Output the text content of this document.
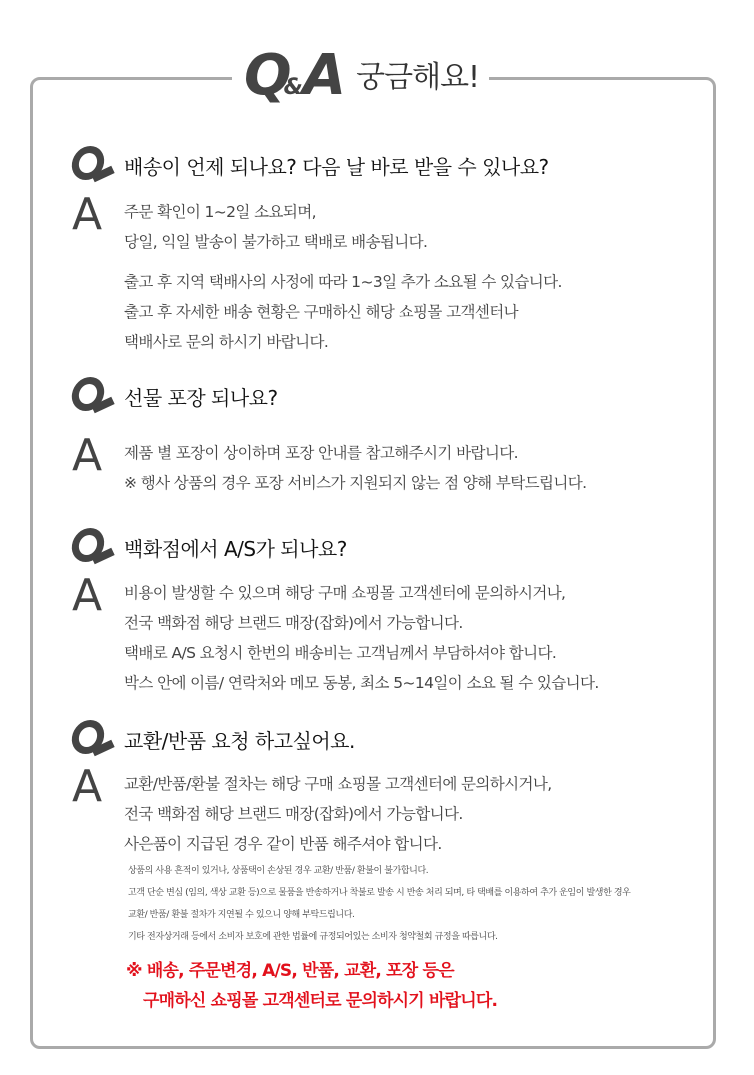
Q
& A 궁금해요!
배송이 언제 되나요? 다음 날 바로 받을 수 있나요?
A	주문 확인이 1~2일 소요되며,
당일, 익일 발송이 불가하고 택배로 배송됩니다.
출고 후 지역 택배사의 사정에 따라 1~3일 추가 소요될 수 있습니다.
출고 후 자세한 배송 현황은 구매하신 해당 쇼핑몰 고객센터나
택배사로 문의 하시기 바랍니다.
선물 포장 되나요?
A	제품 별 포장이 상이하며 포장 안내를 참고해주시기 바랍니다.
※ 행사 상품의 경우 포장 서비스가 지원되지 않는 점 양해 부탁드립니다.
백화점에서 A/S가 되나요?
A	비용이 발생할 수 있으며 해당 구매 쇼핑몰 고객센터에 문의하시거나,
전국 백화점 해당 브랜드 매장(잡화)에서 가능합니다.
택배로 A/S 요청시 한번의 배송비는 고객님께서 부담하셔야 합니다.
박스 안에 이름/ 연락처와 메모 동봉, 최소 5~14일이 소요 될 수 있습니다.
교환/반품 요청 하고싶어요.
A	교환/반품/환불 절차는 해당 구매 쇼핑몰 고객센터에 문의하시거나,
전국 백화점 해당 브랜드 매장(잡화)에서 가능합니다.
사은품이 지급된 경우 같이 반품 해주셔야 합니다.
상품의 사용 흔적이 있거나, 상품택이 손상된 경우 교환/ 반품/ 환불이 불가합니다.
고객 단순 변심 (임의, 색상 교환 등)으로 물품을 반송하거나 착불로 발송 시 반송 처리 되며, 타 택배를 이용하여 추가 운임이 발생한 경우
교환/ 반품/ 환불 절차가 지연될 수 있으니 양해 부탁드립니다.
기타 전자상거래 등에서 소비자 보호에 관한 법률에 규정되어있는 소비자 청약철회 규정을 따릅니다.
※ 배송, 주문변경, A/S, 반품, 교환, 포장 등은
구매하신 쇼핑몰 고객센터로 문의하시기 바랍니다.
